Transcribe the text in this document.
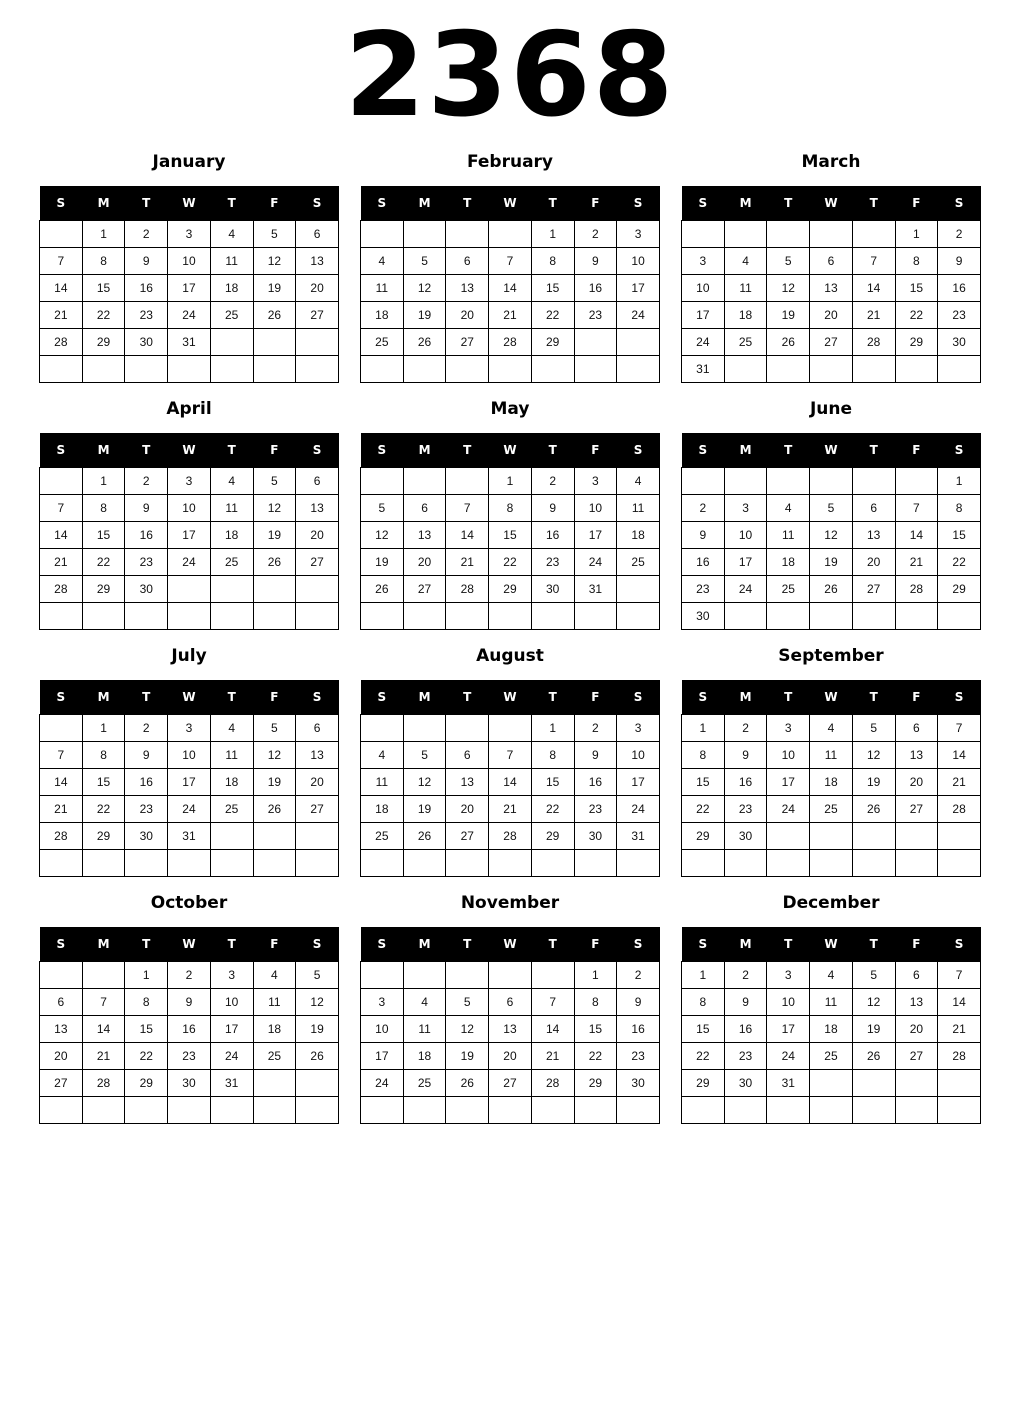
2368
January
S	M	T	W	T	F	S
	1	2	3	4	5	6
7	8	9	10	11	12	13
14	15	16	17	18	19	20
21	22	23	24	25	26	27
28	29	30	31			

February
S	M	T	W	T	F	S
				1	2	3
4	5	6	7	8	9	10
11	12	13	14	15	16	17
18	19	20	21	22	23	24
25	26	27	28	29		

March
S	M	T	W	T	F	S
					1	2
3	4	5	6	7	8	9
10	11	12	13	14	15	16
17	18	19	20	21	22	23
24	25	26	27	28	29	30
31						
April
S	M	T	W	T	F	S
	1	2	3	4	5	6
7	8	9	10	11	12	13
14	15	16	17	18	19	20
21	22	23	24	25	26	27
28	29	30				

May
S	M	T	W	T	F	S
			1	2	3	4
5	6	7	8	9	10	11
12	13	14	15	16	17	18
19	20	21	22	23	24	25
26	27	28	29	30	31	

June
S	M	T	W	T	F	S
						1
2	3	4	5	6	7	8
9	10	11	12	13	14	15
16	17	18	19	20	21	22
23	24	25	26	27	28	29
30						
July
S	M	T	W	T	F	S
	1	2	3	4	5	6
7	8	9	10	11	12	13
14	15	16	17	18	19	20
21	22	23	24	25	26	27
28	29	30	31			

August
S	M	T	W	T	F	S
				1	2	3
4	5	6	7	8	9	10
11	12	13	14	15	16	17
18	19	20	21	22	23	24
25	26	27	28	29	30	31

September
S	M	T	W	T	F	S
1	2	3	4	5	6	7
8	9	10	11	12	13	14
15	16	17	18	19	20	21
22	23	24	25	26	27	28
29	30					

October
S	M	T	W	T	F	S
		1	2	3	4	5
6	7	8	9	10	11	12
13	14	15	16	17	18	19
20	21	22	23	24	25	26
27	28	29	30	31		

November
S	M	T	W	T	F	S
					1	2
3	4	5	6	7	8	9
10	11	12	13	14	15	16
17	18	19	20	21	22	23
24	25	26	27	28	29	30

December
S	M	T	W	T	F	S
1	2	3	4	5	6	7
8	9	10	11	12	13	14
15	16	17	18	19	20	21
22	23	24	25	26	27	28
29	30	31				
